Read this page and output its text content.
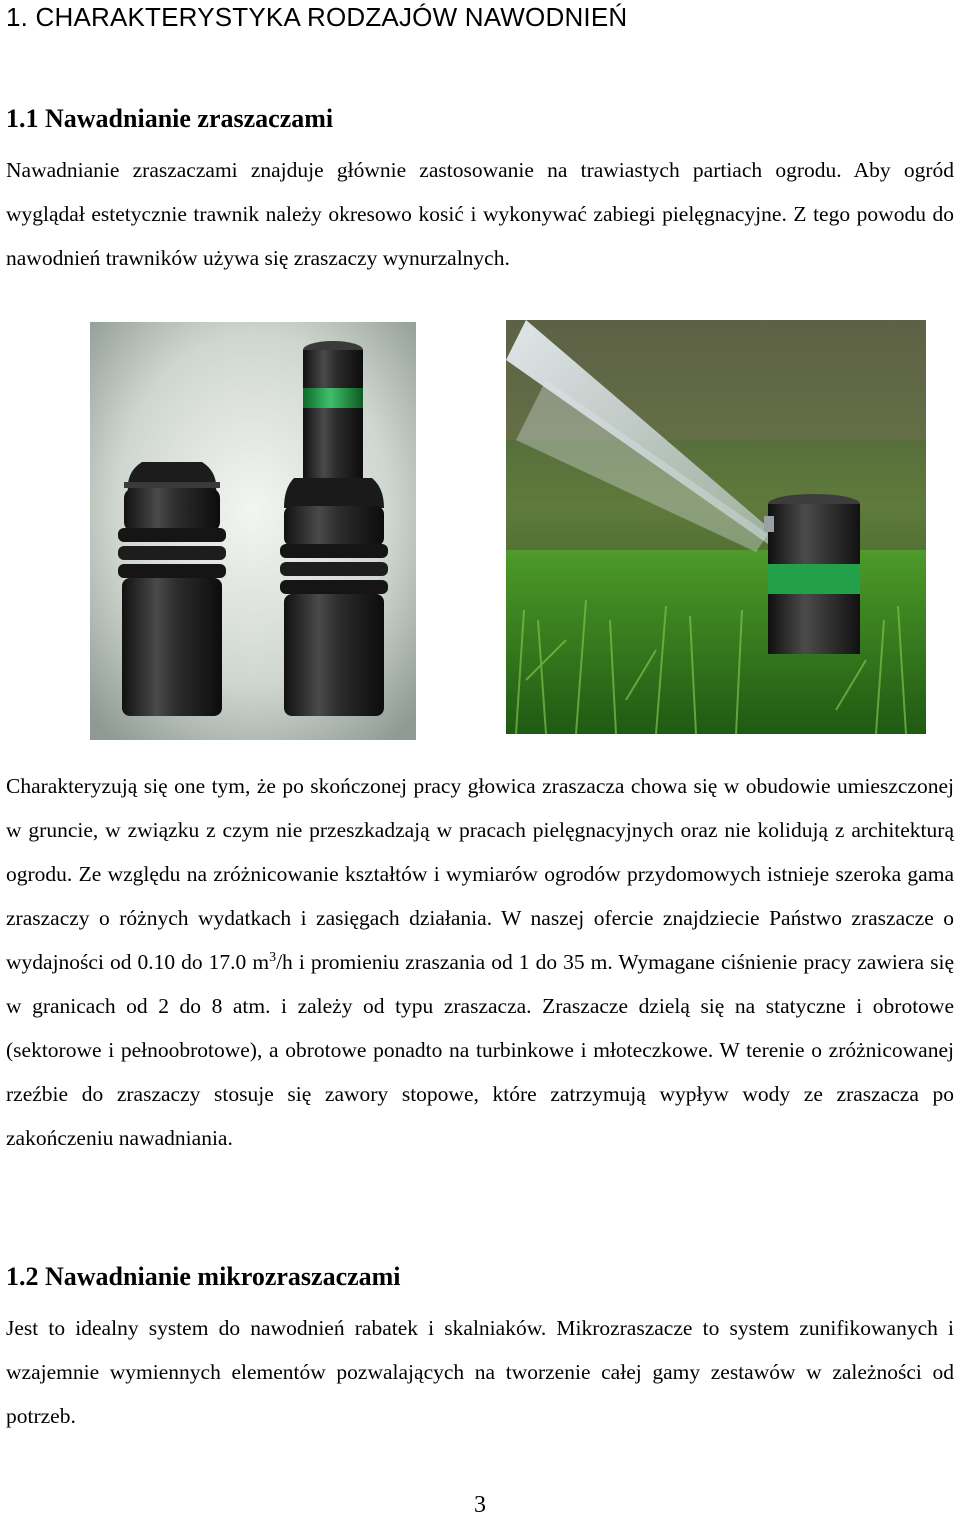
1. CHARAKTERYSTYKA RODZAJÓW NAWODNIEŃ
1.1 Nawadnianie zraszaczami

Nawadnianie zraszaczami znajduje głównie zastosowanie na trawiastych partiach ogrodu. Aby ogród wyglądał estetycznie trawnik należy okresowo kosić i wykonywać zabiegi pielęgnacyjne. Z tego powodu do nawodnień trawników używa się zraszaczy wynurzalnych.

Charakteryzują się one tym, że po skończonej pracy głowica zraszacza chowa się w obudowie umieszczonej w gruncie, w związku z czym nie przeszkadzają w pracach pielęgnacyjnych oraz nie kolidują z architekturą ogrodu. Ze względu na zróżnicowanie kształtów i wymiarów ogrodów przydomowych istnieje szeroka gama zraszaczy o różnych wydatkach i zasięgach działania. W naszej ofercie znajdziecie Państwo zraszacze o wydajności od 0.10 do 17.0 $m^3/h$ i promieniu zraszania od 1 do 35 m. Wymagane ciśnienie pracy zawiera się w granicach od 2 do 8 atm. i zależy od typu zraszacza. Zraszacze dzielą się na statyczne i obrotowe (sektorowe i pełnoobrotowe), a obrotowe ponadto na turbinkowe i młoteczkowe. W terenie o zróżnicowanej rzeźbie do zraszaczy stosuje się zawory stopowe, które zatrzymują wypływ wody ze zraszacza po zakończeniu nawadniania.

1.2 Nawadnianie mikrozraszaczami

Jest to idealny system do nawodnień rabatek i skalniaków. Mikrozraszacze to system zunifikowanych i wzajemnie wymiennych elementów pozwalających na tworzenie całej gamy zestawów w zależności od potrzeb.

3
